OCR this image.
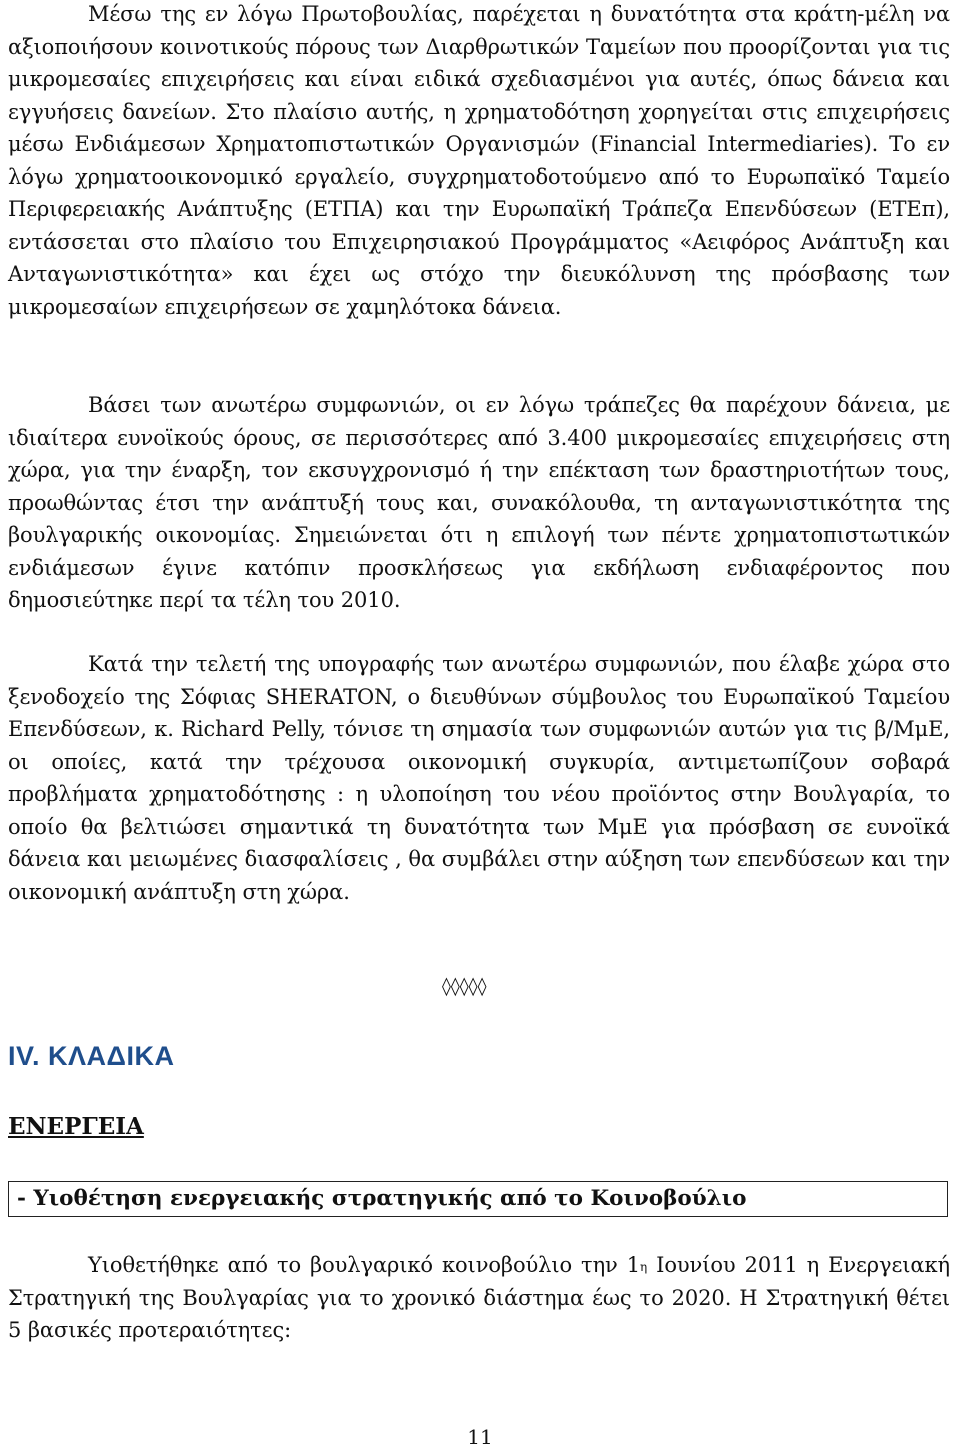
Μέσω της εν λόγω Πρωτοβουλίας, παρέχεται η δυνατότητα στα κράτη-μέλη να αξιοποιήσουν κοινοτικούς πόρους των Διαρθρωτικών Ταμείων που προορίζονται για τις μικρομεσαίες επιχειρήσεις και είναι ειδικά σχεδιασμένοι για αυτές, όπως δάνεια και εγγυήσεις δανείων. Στο πλαίσιο αυτής, η χρηματοδότηση χορηγείται στις επιχειρήσεις μέσω Ενδιάμεσων Χρηματοπιστωτικών Οργανισμών (Financial Intermediaries). Το εν λόγω χρηματοοικονομικό εργαλείο, συγχρηματοδοτούμενο από το Ευρωπαϊκό Ταμείο Περιφερειακής Ανάπτυξης (ΕΤΠΑ) και την Ευρωπαϊκή Τράπεζα Επενδύσεων (ΕΤΕπ), εντάσσεται στο πλαίσιο του Επιχειρησιακού Προγράμματος «Αειφόρος Ανάπτυξη και Ανταγωνιστικότητα» και έχει ως στόχο την διευκόλυνση της πρόσβασης των μικρομεσαίων επιχειρήσεων σε χαμηλότοκα δάνεια.

Βάσει των ανωτέρω συμφωνιών, οι εν λόγω τράπεζες θα παρέχουν δάνεια, με ιδιαίτερα ευνοϊκούς όρους, σε περισσότερες από 3.400 μικρομεσαίες επιχειρήσεις στη χώρα, για την έναρξη, τον εκσυγχρονισμό ή την επέκταση των δραστηριοτήτων τους, προωθώντας έτσι την ανάπτυξή τους και, συνακόλουθα, τη ανταγωνιστικότητα της βουλγαρικής οικονομίας. Σημειώνεται ότι η επιλογή των πέντε χρηματοπιστωτικών ενδιάμεσων έγινε κατόπιν προσκλήσεως για εκδήλωση ενδιαφέροντος που δημοσιεύτηκε περί τα τέλη του 2010.

Κατά την τελετή της υπογραφής των ανωτέρω συμφωνιών, που έλαβε χώρα στο ξενοδοχείο της Σόφιας SHERATON, ο διευθύνων σύμβουλος του Ευρωπαϊκού Ταμείου Επενδύσεων, κ. Richard Pelly, τόνισε τη σημασία των συμφωνιών αυτών για τις β/ΜμΕ, οι οποίες, κατά την τρέχουσα οικονομική συγκυρία, αντιμετωπίζουν σοβαρά προβλήματα χρηματοδότησης : η υλοποίηση του νέου προϊόντος στην Βουλγαρία, το οποίο θα βελτιώσει σημαντικά τη δυνατότητα των ΜμΕ για πρόσβαση σε ευνοϊκά δάνεια και μειωμένες διασφαλίσεις , θα συμβάλει στην αύξηση των επενδύσεων και την οικονομική ανάπτυξη στη χώρα.

◊◊◊◊◊
IV. ΚΛΑΔΙΚΑ
ΕΝΕΡΓΕΙΑ
- Υιοθέτηση ενεργειακής στρατηγικής από το Κοινοβούλιο

Υιοθετήθηκε από το βουλγαρικό κοινοβούλιο την $1^\eta$ Ιουνίου 2011 η Ενεργειακή Στρατηγική της Βουλγαρίας για το χρονικό διάστημα έως το 2020. Η Στρατηγική θέτει 5 βασικές προτεραιότητες:

11
